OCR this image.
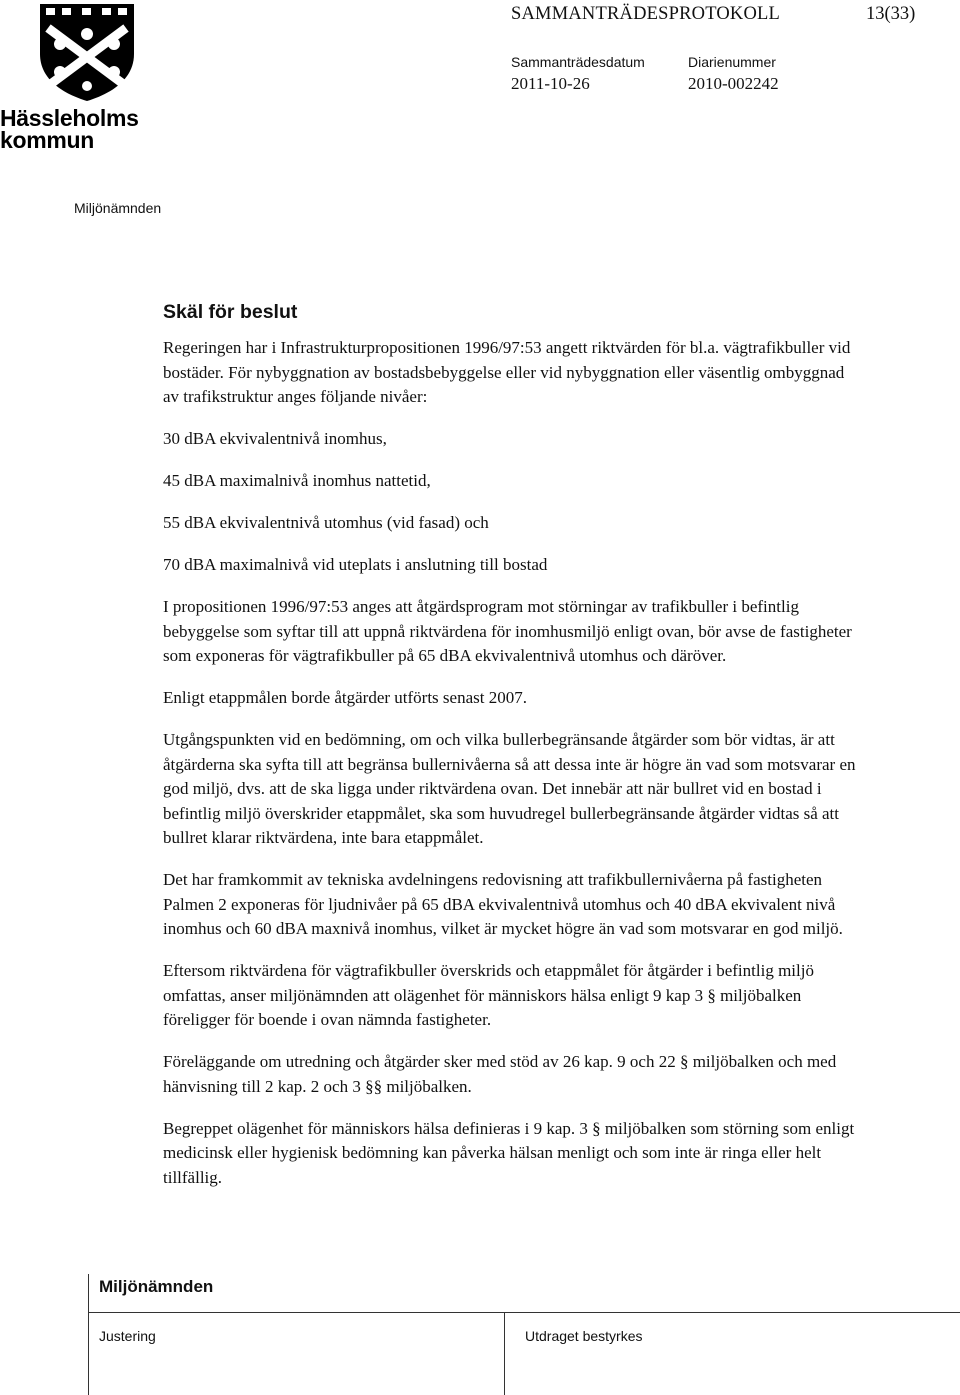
Hässleholms
kommun
SAMMANTRÄDESPROTOKOLL	13(33)
Sammanträdesdatum
2011-10-26
Diarienummer
2010-002242
Miljönämnden
Skäl för beslut

Regeringen har i Infrastrukturpropositionen 1996/97:53 angett riktvärden för bl.a. vägtrafikbuller vid bostäder. För nybyggnation av bostadsbebyggelse eller vid nybyggnation eller väsentlig ombyggnad av trafikstruktur anges följande nivåer:

30 dBA ekvivalentnivå inomhus,

45 dBA maximalnivå inomhus nattetid,

55 dBA ekvivalentnivå utomhus (vid fasad) och

70 dBA maximalnivå vid uteplats i anslutning till bostad

I propositionen 1996/97:53 anges att åtgärdsprogram mot störningar av trafikbuller i befintlig bebyggelse som syftar till att uppnå riktvärdena för inomhusmiljö enligt ovan, bör avse de fastigheter som exponeras för vägtrafikbuller på 65 dBA ekvivalentnivå utomhus och däröver.

Enligt etappmålen borde åtgärder utförts senast 2007.

Utgångspunkten vid en bedömning, om och vilka bullerbegränsande åtgärder som bör vidtas, är att åtgärderna ska syfta till att begränsa bullernivåerna så att dessa inte är högre än vad som motsvarar en god miljö, dvs. att de ska ligga under riktvärdena ovan. Det innebär att när bullret vid en bostad i befintlig miljö överskrider etappmålet, ska som huvudregel bullerbegränsande åtgärder vidtas så att bullret klarar riktvärdena, inte bara etappmålet.

Det har framkommit av tekniska avdelningens redovisning att trafikbullernivåerna på fastigheten Palmen 2 exponeras för ljudnivåer på 65 dBA ekvivalentnivå utomhus och 40 dBA ekvivalent nivå inomhus och 60 dBA maxnivå inomhus, vilket är mycket högre än vad som motsvarar en god miljö.

Eftersom riktvärdena för vägtrafikbuller överskrids och etappmålet för åtgärder i befintlig miljö omfattas, anser miljönämnden att olägenhet för människors hälsa enligt 9 kap 3 § miljöbalken föreligger för boende i ovan nämnda fastigheter.

Föreläggande om utredning och åtgärder sker med stöd av 26 kap. 9 och 22 § miljöbalken och med hänvisning till 2 kap. 2 och 3 §§ miljöbalken.

Begreppet olägenhet för människors hälsa definieras i 9 kap. 3 § miljöbalken som störning som enligt medicinsk eller hygienisk bedömning kan påverka hälsan menligt och som inte är ringa eller helt tillfällig.

Miljönämnden
Justering	Utdraget bestyrkes
